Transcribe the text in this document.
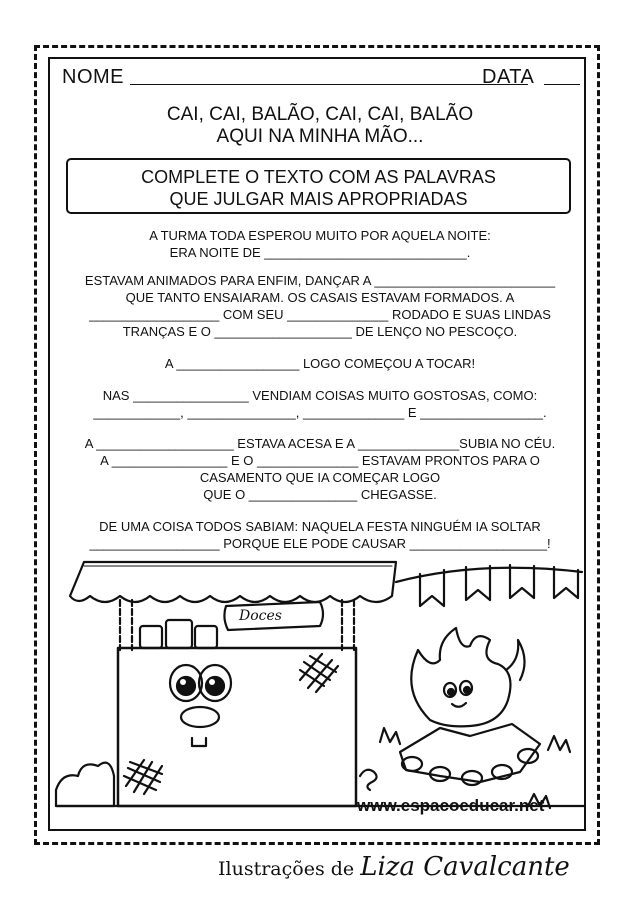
NOME	DATA
CAI, CAI, BALÃO, CAI, CAI, BALÃO
AQUI NA MINHA MÃO...
COMPLETE O TEXTO COM AS PALAVRAS
QUE JULGAR MAIS APROPRIADAS
A TURMA TODA ESPEROU MUITO POR AQUELA NOITE:
ERA NOITE DE ____________________________.
ESTAVAM ANIMADOS PARA ENFIM, DANÇAR A _________________________
QUE TANTO ENSAIARAM. OS CASAIS ESTAVAM FORMADOS. A
__________________ COM SEU ______________ RODADO E SUAS LINDAS
TRANÇAS E O ___________________ DE LENÇO NO PESCOÇO.
A _________________ LOGO COMEÇOU A TOCAR!
NAS ________________ VENDIAM COISAS MUITO GOSTOSAS, COMO:
____________, _______________, ______________ E _________________.
A ___________________ ESTAVA ACESA E A ______________SUBIA NO CÉU.
A ________________ E O ______________ ESTAVAM PRONTOS PARA O
CASAMENTO QUE IA COMEÇAR LOGO
QUE O _______________ CHEGASSE.
DE UMA COISA TODOS SABIAM: NAQUELA FESTA NINGUÉM IA SOLTAR
__________________ PORQUE ELE PODE CAUSAR ___________________!
Doces
www.espacoeducar.net
Ilustrações de Liza Cavalcante
